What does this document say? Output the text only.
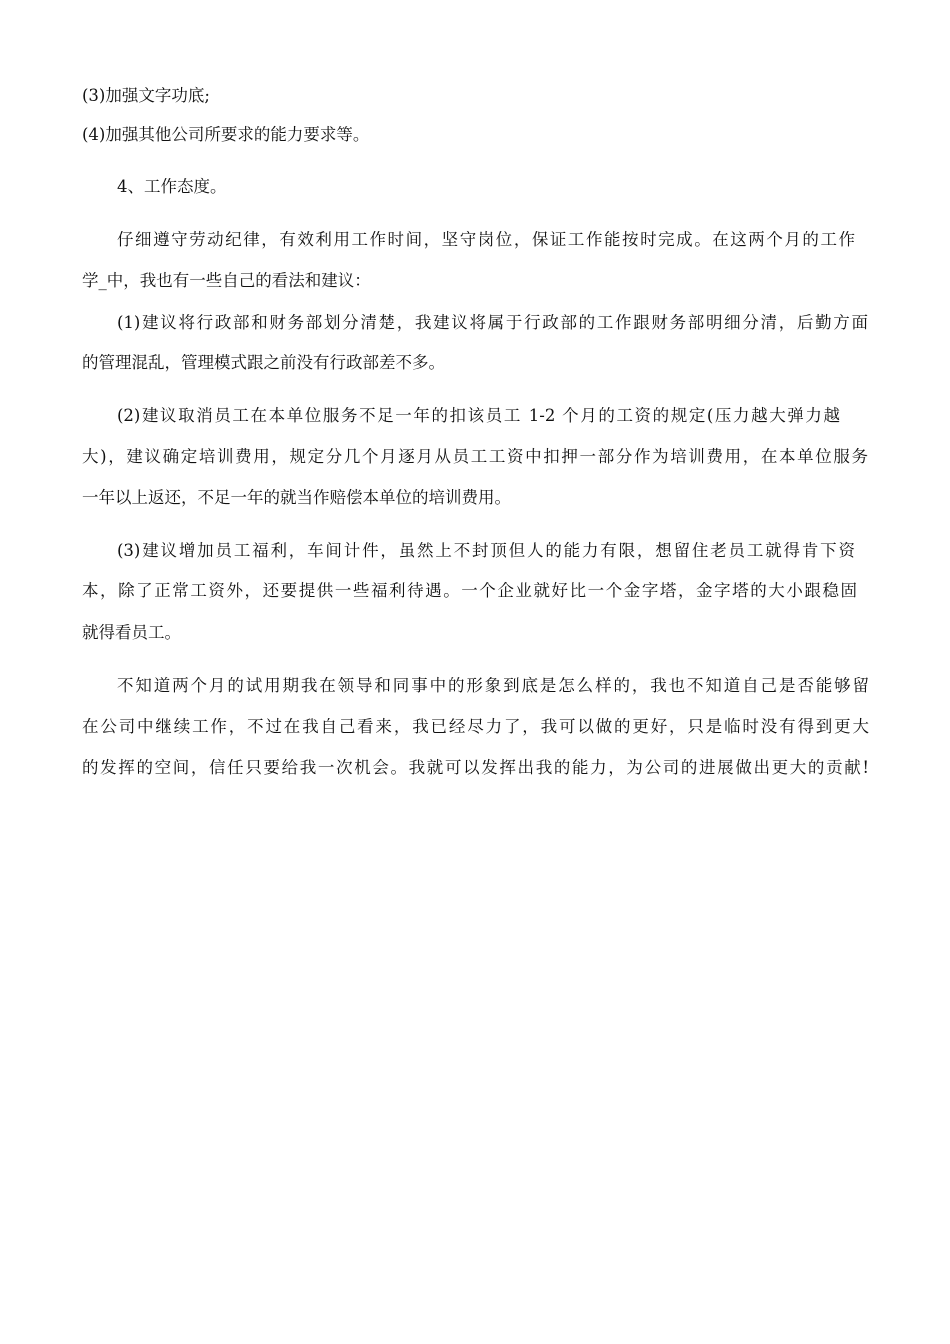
(3)加强文字功底;
(4)加强其他公司所要求的能力要求等。
4、工作态度。
仔细遵守劳动纪律，有效利用工作时间，坚守岗位，保证工作能按时完成。在这两个月的工作
学_中，我也有一些自己的看法和建议：
(1)建议将行政部和财务部划分清楚，我建议将属于行政部的工作跟财务部明细分清，后勤方面
的管理混乱，管理模式跟之前没有行政部差不多。
(2)建议取消员工在本单位服务不足一年的扣该员工 1-2 个月的工资的规定(压力越大弹力越
大)，建议确定培训费用，规定分几个月逐月从员工工资中扣押一部分作为培训费用，在本单位服务
一年以上返还，不足一年的就当作赔偿本单位的培训费用。
(3)建议增加员工福利，车间计件，虽然上不封顶但人的能力有限，想留住老员工就得肯下资
本，除了正常工资外，还要提供一些福利待遇。一个企业就好比一个金字塔，金字塔的大小跟稳固
就得看员工。
不知道两个月的试用期我在领导和同事中的形象到底是怎么样的，我也不知道自己是否能够留
在公司中继续工作，不过在我自己看来，我已经尽力了，我可以做的更好，只是临时没有得到更大
的发挥的空间，信任只要给我一次机会。我就可以发挥出我的能力，为公司的进展做出更大的贡献!
